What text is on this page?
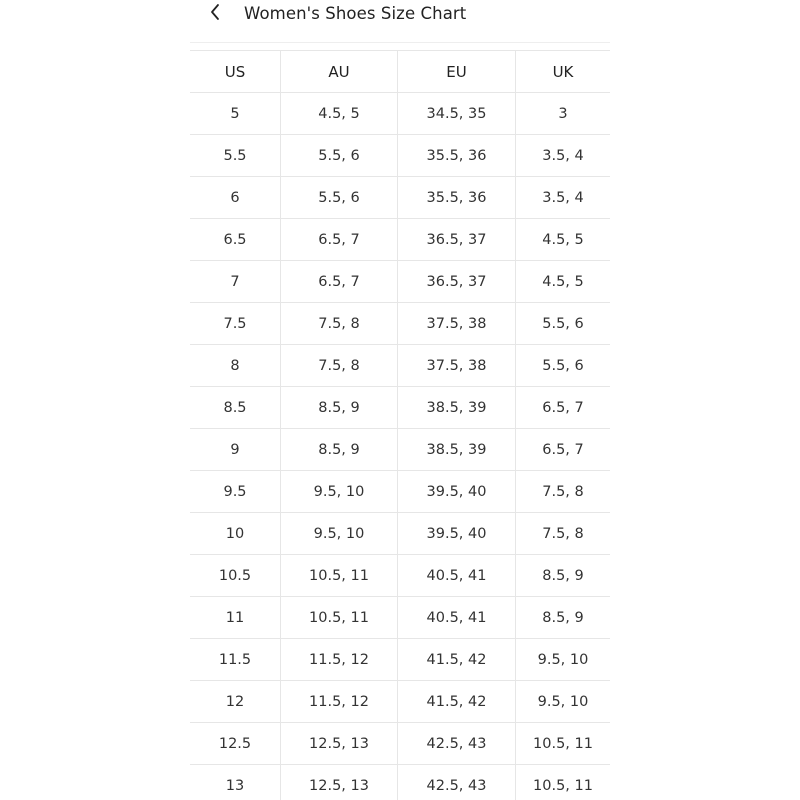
Women's Shoes Size Chart
US	AU	EU	UK
5	4.5, 5	34.5, 35	3
5.5	5.5, 6	35.5, 36	3.5, 4
6	5.5, 6	35.5, 36	3.5, 4
6.5	6.5, 7	36.5, 37	4.5, 5
7	6.5, 7	36.5, 37	4.5, 5
7.5	7.5, 8	37.5, 38	5.5, 6
8	7.5, 8	37.5, 38	5.5, 6
8.5	8.5, 9	38.5, 39	6.5, 7
9	8.5, 9	38.5, 39	6.5, 7
9.5	9.5, 10	39.5, 40	7.5, 8
10	9.5, 10	39.5, 40	7.5, 8
10.5	10.5, 11	40.5, 41	8.5, 9
11	10.5, 11	40.5, 41	8.5, 9
11.5	11.5, 12	41.5, 42	9.5, 10
12	11.5, 12	41.5, 42	9.5, 10
12.5	12.5, 13	42.5, 43	10.5, 11
13	12.5, 13	42.5, 43	10.5, 11
